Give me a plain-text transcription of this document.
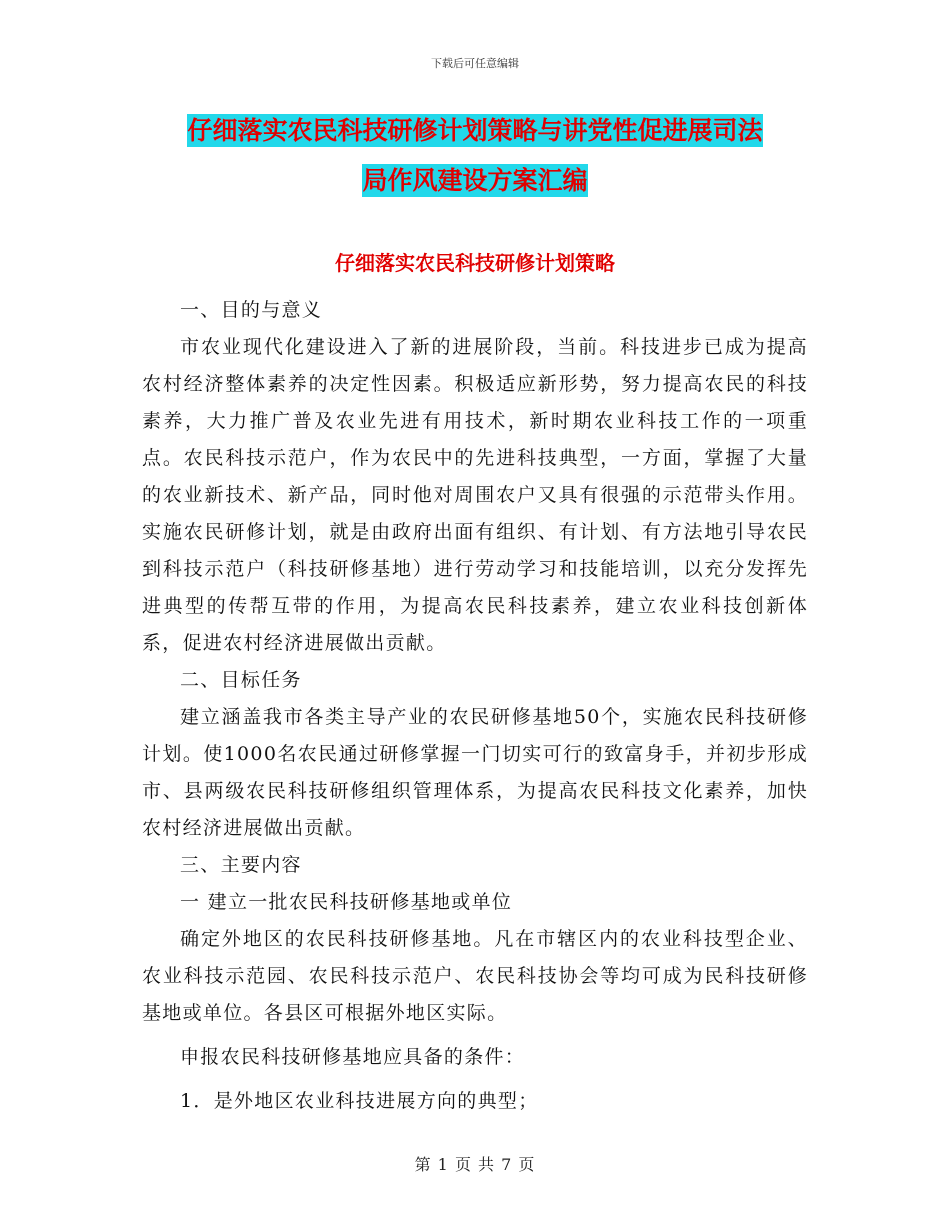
下载后可任意编辑
仔细落实农民科技研修计划策略与讲党性促进展司法
局作风建设方案汇编
仔细落实农民科技研修计划策略

一、目的与意义

市农业现代化建设进入了新的进展阶段，当前。科技进步已成为提高农村经济整体素养的决定性因素。积极适应新形势，努力提高农民的科技素养，大力推广普及农业先进有用技术，新时期农业科技工作的一项重点。农民科技示范户，作为农民中的先进科技典型，一方面，掌握了大量的农业新技术、新产品，同时他对周围农户又具有很强的示范带头作用。实施农民研修计划，就是由政府出面有组织、有计划、有方法地引导农民到科技示范户（科技研修基地）进行劳动学习和技能培训，以充分发挥先进典型的传帮互带的作用，为提高农民科技素养，建立农业科技创新体系，促进农村经济进展做出贡献。

二、目标任务

建立涵盖我市各类主导产业的农民研修基地50个，实施农民科技研修计划。使1000名农民通过研修掌握一门切实可行的致富身手，并初步形成市、县两级农民科技研修组织管理体系，为提高农民科技文化素养，加快农村经济进展做出贡献。

三、主要内容

一 建立一批农民科技研修基地或单位

确定外地区的农民科技研修基地。凡在市辖区内的农业科技型企业、农业科技示范园、农民科技示范户、农民科技协会等均可成为民科技研修基地或单位。各县区可根据外地区实际。

申报农民科技研修基地应具备的条件：

1．是外地区农业科技进展方向的典型；

第 1 页 共 7 页
